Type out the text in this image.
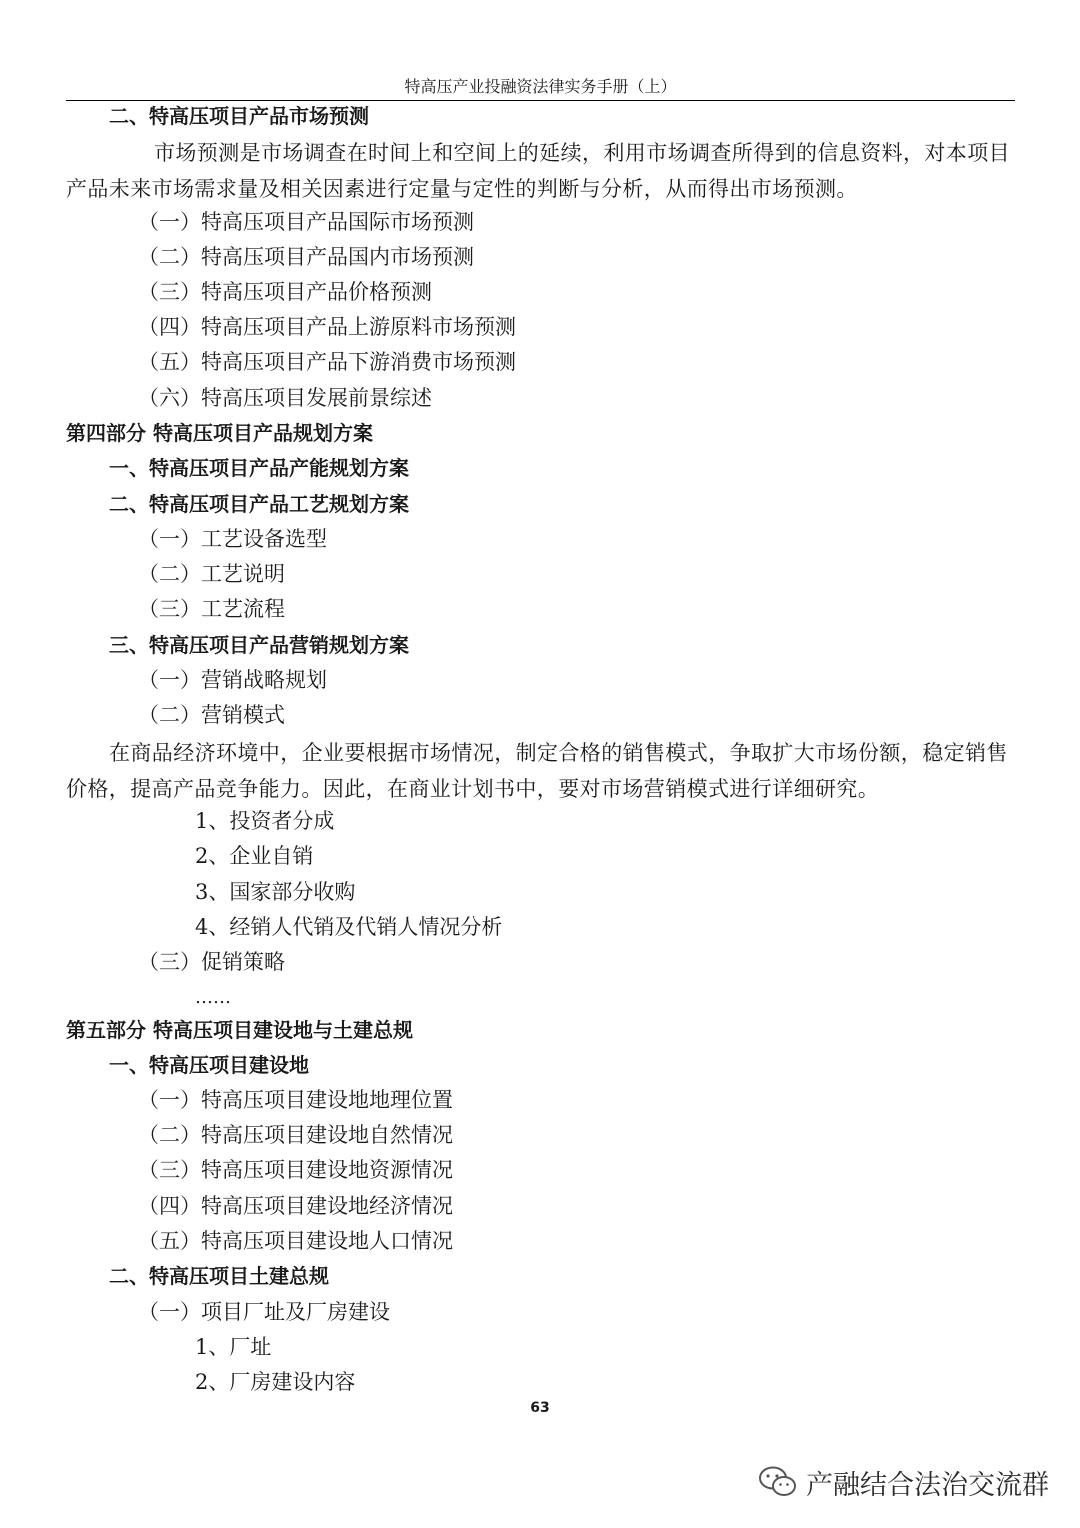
特高压产业投融资法律实务手册（上）
二、特高压项目产品市场预测
市场预测是市场调查在时间上和空间上的延续，利用市场调查所得到的信息资料，对本项目产品未来市场需求量及相关因素进行定量与定性的判断与分析，从而得出市场预测。
（一）特高压项目产品国际市场预测
（二）特高压项目产品国内市场预测
（三）特高压项目产品价格预测
（四）特高压项目产品上游原料市场预测
（五）特高压项目产品下游消费市场预测
（六）特高压项目发展前景综述
第四部分 特高压项目产品规划方案
一、特高压项目产品产能规划方案
二、特高压项目产品工艺规划方案
（一）工艺设备选型
（二）工艺说明
（三）工艺流程
三、特高压项目产品营销规划方案
（一）营销战略规划
（二）营销模式
在商品经济环境中，企业要根据市场情况，制定合格的销售模式，争取扩大市场份额，稳定销售价格，提高产品竞争能力。因此，在商业计划书中，要对市场营销模式进行详细研究。
1、投资者分成
2、企业自销
3、国家部分收购
4、经销人代销及代销人情况分析
（三）促销策略
……
第五部分 特高压项目建设地与土建总规
一、特高压项目建设地
（一）特高压项目建设地地理位置
（二）特高压项目建设地自然情况
（三）特高压项目建设地资源情况
（四）特高压项目建设地经济情况
（五）特高压项目建设地人口情况
二、特高压项目土建总规
（一）项目厂址及厂房建设
1、厂址
2、厂房建设内容
63
产融结合法治交流群
